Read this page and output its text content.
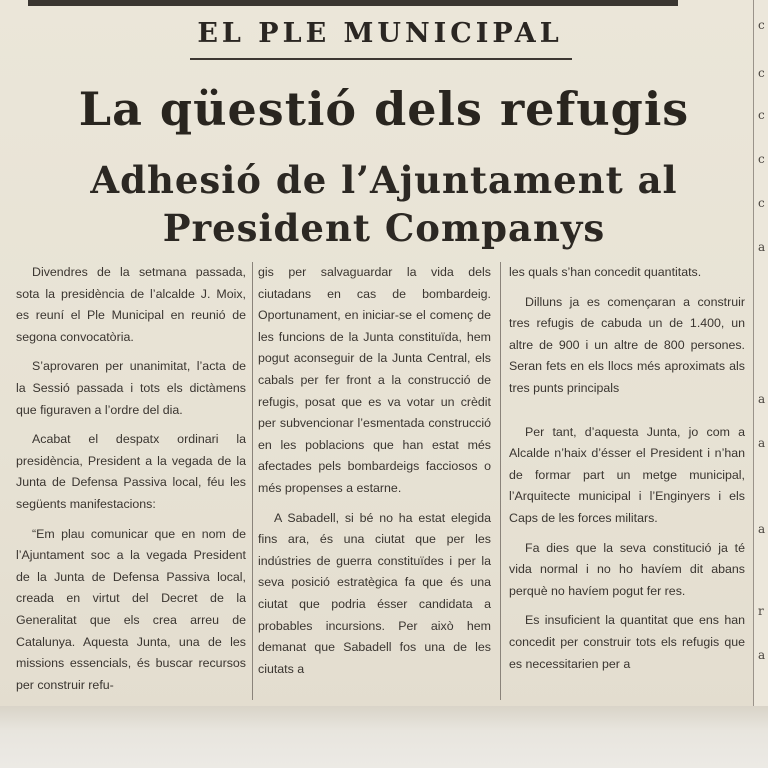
c
c
c
c
c
a
a
a
a
r
a
EL PLE MUNICIPAL
La qüestió dels refugis
Adhesió de l’Ajuntament al
President Companys

Divendres de la setmana passada, sota la presidència de l’alcalde J. Moix, es reuní el Ple Municipal en reunió de segona convocatòria.

S’aprovaren per unanimitat, l’acta de la Sessió passada i tots els dictàmens que figuraven a l’ordre del dia.

Acabat el despatx ordinari la presidència, President a la vegada de la Junta de Defensa Passiva local, féu les següents manifestacions:

“Em plau comunicar que en nom de l’Ajuntament soc a la vegada President de la Junta de Defensa Passiva local, creada en virtut del Decret de la Generalitat que els crea arreu de Catalunya. Aquesta Junta, una de les missions essencials, és buscar recursos per construir refu-

gis per salvaguardar la vida dels ciutadans en cas de bombardeig. Oportunament, en iniciar-se el començ de les funcions de la Junta constituïda, hem pogut aconseguir de la Junta Central, els cabals per fer front a la construcció de refugis, posat que es va votar un crèdit per subvencionar l’esmentada construcció en les poblacions que han estat més afectades pels bombardeigs facciosos o més propenses a estarne.

A Sabadell, si bé no ha estat elegida fins ara, és una ciutat que per les indústries de guerra constituïdes i per la seva posició estratègica fa que és una ciutat que podria ésser candidata a probables incursions. Per això hem demanat que Sabadell fos una de les ciutats a

les quals s’han concedit quantitats.

Dilluns ja es començaran a construir tres refugis de cabuda un de 1.400, un altre de 900 i un altre de 800 persones. Seran fets en els llocs més aproximats als tres punts principals

Per tant, d’aquesta Junta, jo com a Alcalde n’haix d’ésser el President i n’han de formar part un metge municipal, l’Arquitecte municipal i l’Enginyers i els Caps de les forces militars.

Fa dies que la seva constitució ja té vida normal i no ho havíem dit abans perquè no havíem pogut fer res.

Es insuficient la quantitat que ens han concedit per construir tots els refugis que es necessitarien per a
